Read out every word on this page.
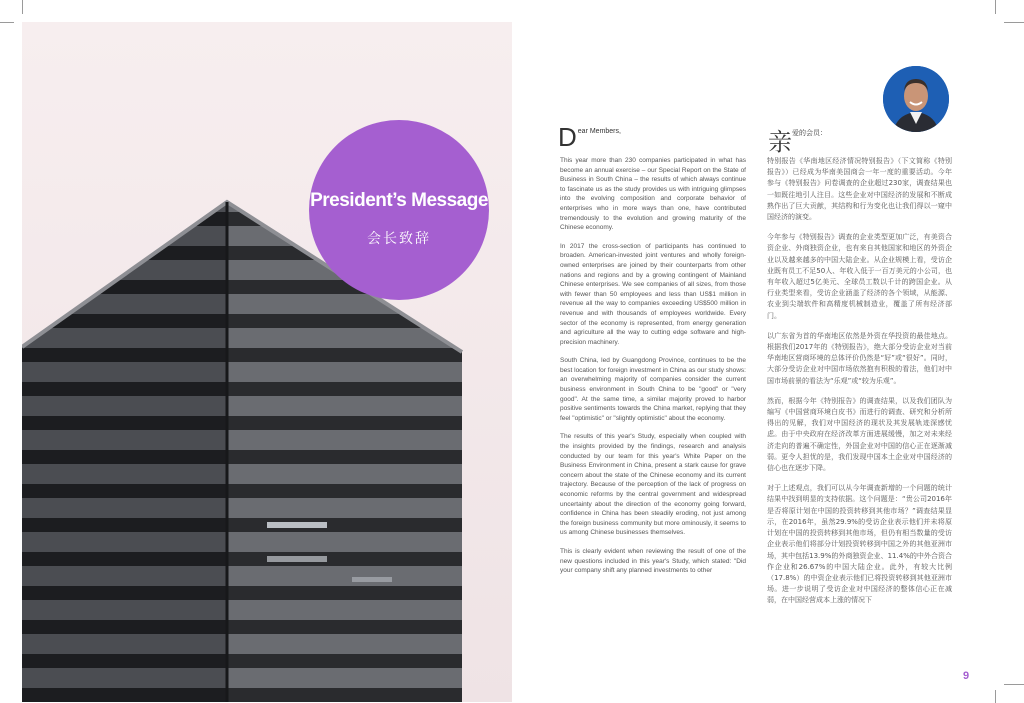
President’s Message
会长致辞
$D^{ear Members,}$	亲$^{爱的会员:}$

This year more than 230 companies participated in what has become an annual exercise – our Special Report on the State of Business in South China – the results of which always continue to fascinate us as the study provides us with intriguing glimpses into the evolving composition and corporate behavior of enterprises who in more ways than one, have contributed tremendously to the evolution and growing maturity of the Chinese economy.

In 2017 the cross-section of participants has continued to broaden. American-invested joint ventures and wholly foreign-owned enterprises are joined by their counterparts from other nations and regions and by a growing contingent of Mainland Chinese enterprises. We see companies of all sizes, from those with fewer than 50 employees and less than US$1 million in revenue all the way to companies exceeding US$500 million in revenue and with thousands of employees worldwide. Every sector of the economy is represented, from energy generation and agriculture all the way to cutting edge software and high-precision machinery.

South China, led by Guangdong Province, continues to be the best location for foreign investment in China as our study shows: an overwhelming majority of companies consider the current business environment in South China to be "good" or "very good". At the same time, a similar majority proved to harbor positive sentiments towards the China market, replying that they feel "optimistic" or "slightly optimistic" about the economy.

The results of this year's Study, especially when coupled with the insights provided by the findings, research and analysis conducted by our team for this year's White Paper on the Business Environment in China, present a stark cause for grave concern about the state of the Chinese economy and its current trajectory. Because of the perception of the lack of progress on economic reforms by the central government and widespread uncertainty about the direction of the economy going forward, confidence in China has been steadily eroding, not just among the foreign business community but more ominously, it seems to us among Chinese businesses themselves.

This is clearly evident when reviewing the result of one of the new questions included in this year's Study, which stated: "Did your company shift any planned investments to other

特别报告《华南地区经济情况特别报告》（下文简称《特别报告》）已经成为华南美国商会一年一度的重要活动。今年参与《特别报告》问卷调查的企业超过230家，调查结果也一如既往地引人注目。这些企业对中国经济的发展和不断成熟作出了巨大贡献，其结构和行为变化也让我们得以一窥中国经济的演变。

今年参与《特别报告》调查的企业类型更加广泛，有美资合资企业、外商独资企业，也有来自其他国家和地区的外资企业以及越来越多的中国大陆企业。从企业规模上看，受访企业既有员工不足50人、年收入低于一百万美元的小公司，也有年收入超过5亿美元、全球员工数以千计的跨国企业。从行业类型来看，受访企业涵盖了经济的各个领域，从能源、农业到尖端软件和高精度机械制造业，覆盖了所有经济部门。

以广东省为首的华南地区依然是外资在华投资的最佳地点。根据我们2017年的《特别报告》，绝大部分受访企业对当前华南地区营商环境的总体评价仍然是“好”或“很好”。同时，大部分受访企业对中国市场依然抱有积极的看法，他们对中国市场前景的看法为“乐观”或“较为乐观”。

然而，根据今年《特别报告》的调查结果，以及我们团队为编写《中国营商环境白皮书》而进行的调查、研究和分析所得出的见解，我们对中国经济的现状及其发展轨迹深感忧虑。由于中央政府在经济改革方面进展缓慢，加之对未来经济走向的普遍不确定性，外国企业对中国的信心正在逐渐减弱。更令人担忧的是，我们发现中国本土企业对中国经济的信心也在逐步下降。

对于上述观点，我们可以从今年调查新增的一个问题的统计结果中找到明显的支持依据。这个问题是：“贵公司2016年是否将原计划在中国的投资转移到其他市场？”调查结果显示，在2016年，虽然29.9%的受访企业表示他们并未将原计划在中国的投资转移到其他市场，但仍有相当数量的受访企业表示他们将部分计划投资转移到中国之外的其他亚洲市场，其中包括13.9%的外商独资企业、11.4%的中外合资合作企业和26.67%的中国大陆企业。此外，有较大比例（17.8%）的中资企业表示他们已将投资转移到其他亚洲市场。进一步说明了受访企业对中国经济的整体信心正在减弱，在中国经营成本上涨的情况下

9
